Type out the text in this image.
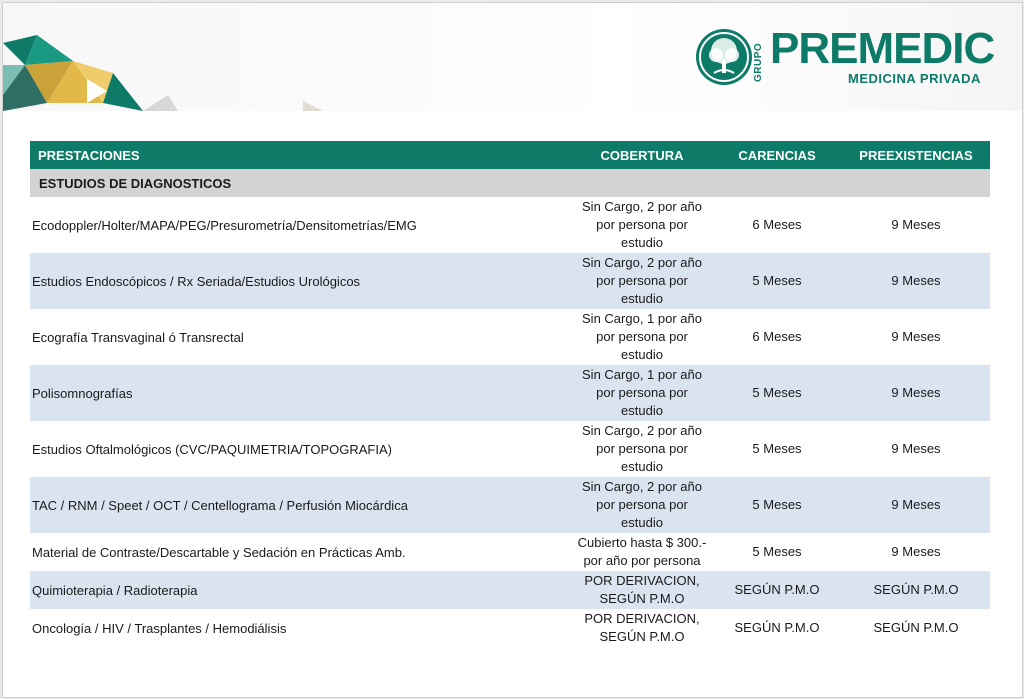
GRUPO PREMEDIC
MEDICINA PRIVADA
PRESTACIONES	COBERTURA	CARENCIAS	PREEXISTENCIAS
ESTUDIOS DE DIAGNOSTICOS			
Ecodoppler/Holter/MAPA/PEG/Presurometría/Densitometrías/EMG	Sin Cargo, 2 por año
por persona por
estudio	6 Meses	9 Meses
Estudios Endoscópicos / Rx Seriada/Estudios Urológicos	Sin Cargo, 2 por año
por persona por
estudio	5 Meses	9 Meses
Ecografía Transvaginal ó Transrectal	Sin Cargo, 1 por año
por persona por
estudio	6 Meses	9 Meses
Polisomnografías	Sin Cargo, 1 por año
por persona por
estudio	5 Meses	9 Meses
Estudios Oftalmológicos (CVC/PAQUIMETRIA/TOPOGRAFIA)	Sin Cargo, 2 por año
por persona por
estudio	5 Meses	9 Meses
TAC / RNM / Speet / OCT / Centellograma / Perfusión Miocárdica	Sin Cargo, 2 por año
por persona por
estudio	5 Meses	9 Meses
Material de Contraste/Descartable y Sedación en Prácticas Amb.	Cubierto hasta $ 300.-
por año por persona	5 Meses	9 Meses
Quimioterapia / Radioterapia	POR DERIVACION,
SEGÚN P.M.O	SEGÚN P.M.O	SEGÚN P.M.O
Oncología / HIV / Trasplantes / Hemodiálisis	POR DERIVACION,
SEGÚN P.M.O	SEGÚN P.M.O	SEGÚN P.M.O
